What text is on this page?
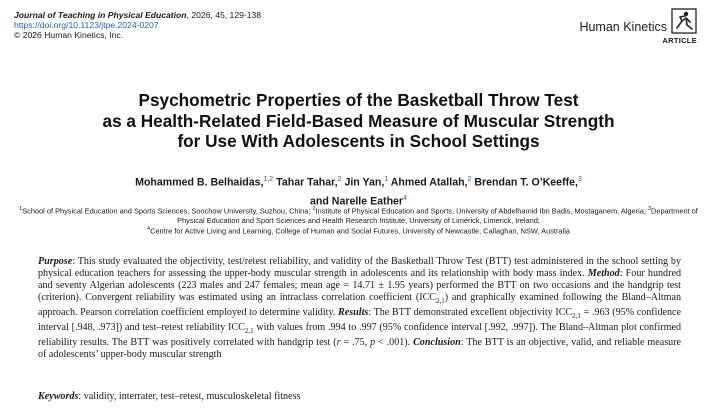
Journal of Teaching in Physical Education, 2026, 45, 129-138
https://doi.org/10.1123/jtpe.2024-0207
© 2026 Human Kinetics, Inc.
$_{Human Kinetics}$
ARTICLE
Psychometric Properties of the Basketball Throw Test
as a Health-Related Field-Based Measure of Muscular Strength
for Use With Adolescents in School Settings
Mohammed B. Belhaidas,$^{1,2}$ Tahar Tahar,$^2$ Jin Yan,$^1$ Ahmed Atallah,$^2$ Brendan T. O’Keeffe,$^3$
and Narelle Eather$^4$
$^1$School of Physical Education and Sports Sciences, Soochow University, Suzhou, China; $^2$Institute of Physical Education and Sports, University of Abdelhamid Ibn Badis, Mostaganem, Algeria; $^3$Department of Physical Education and Sport Sciences and Health Research Institute, University of Limerick, Limerick, Ireland;
$^4$Centre for Active Living and Learning, College of Human and Social Futures, University of Newcastle, Callaghan, NSW, Australia
Purpose: This study evaluated the objectivity, test/retest reliability, and validity of the Basketball Throw Test (BTT) test administered in the school setting by physical education teachers for assessing the upper-body muscular strength in adolescents and its relationship with body mass index. Method: Four hundred and seventy Algerian adolescents (223 males and 247 females; mean age = 14.71 ± 1.95 years) performed the BTT on two occasions and the handgrip test (criterion). Convergent reliability was estimated using an intraclass correlation coefficient $(ICC_{2,1})$ and graphically examined following the Bland–Altman approach. Pearson correlation coefficient employed to determine validity. Results: The BTT demonstrated excellent objectivity $ICC_{2,1} = .963$ (95% confidence interval [.948, .973]) and test–retest reliability $ICC_{2,1}$ with values from .994 to .997 (95% confidence interval [.992, .997]). The Bland–Altman plot confirmed reliability results. The BTT was positively correlated with handgrip test (r = .75, p < .001). Conclusion: The BTT is an objective, valid, and reliable measure of adolescents’ upper-body muscular strength
Keywords: validity, interrater, test–retest, musculoskeletal fitness
